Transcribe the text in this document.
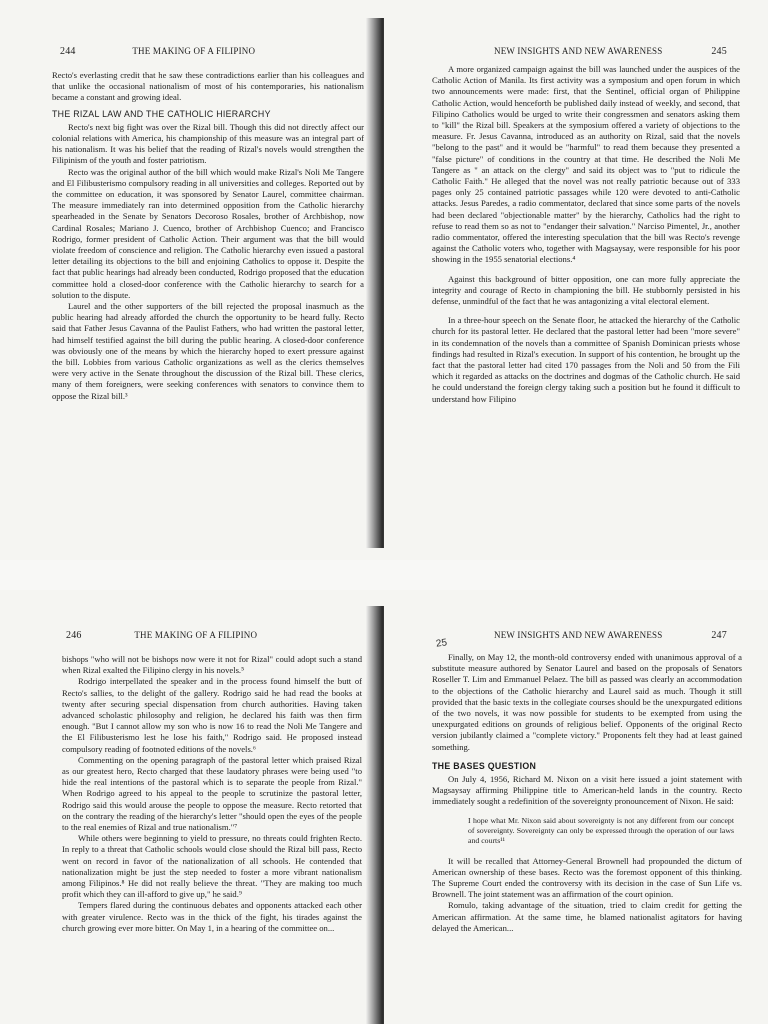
244	THE MAKING OF A FILIPINO

Recto's everlasting credit that he saw these contradictions earlier than his colleagues and that unlike the occasional nationalism of most of his contemporaries, his nationalism became a constant and growing ideal.

THE RIZAL LAW AND THE CATHOLIC HIERARCHY

Recto's next big fight was over the Rizal bill. Though this did not directly affect our colonial relations with America, his championship of this measure was an integral part of his nationalism. It was his belief that the reading of Rizal's novels would strengthen the Filipinism of the youth and foster patriotism.

Recto was the original author of the bill which would make Rizal's Noli Me Tangere and El Filibusterismo compulsory reading in all universities and colleges. Reported out by the committee on education, it was sponsored by Senator Laurel, committee chairman. The measure immediately ran into determined opposition from the Catholic hierarchy spearheaded in the Senate by Senators Decoroso Rosales, brother of Archbishop, now Cardinal Rosales; Mariano J. Cuenco, brother of Archbishop Cuenco; and Francisco Rodrigo, former president of Catholic Action. Their argument was that the bill would violate freedom of conscience and religion. The Catholic hierarchy even issued a pastoral letter detailing its objections to the bill and enjoining Catholics to oppose it. Despite the fact that public hearings had already been conducted, Rodrigo proposed that the education committee hold a closed-door conference with the Catholic hierarchy to search for a solution to the dispute.

Laurel and the other supporters of the bill rejected the proposal inasmuch as the public hearing had already afforded the church the opportunity to be heard fully. Recto said that Father Jesus Cavanna of the Paulist Fathers, who had written the pastoral letter, had himself testified against the bill during the public hearing. A closed-door conference was obviously one of the means by which the hierarchy hoped to exert pressure against the bill. Lobbies from various Catholic organizations as well as the clerics themselves were very active in the Senate throughout the discussion of the Rizal bill. These clerics, many of them foreigners, were seeking conferences with senators to convince them to oppose the Rizal bill.³

NEW INSIGHTS AND NEW AWARENESS	245

A more organized campaign against the bill was launched under the auspices of the Catholic Action of Manila. Its first activity was a symposium and open forum in which two announcements were made: first, that the Sentinel, official organ of Philippine Catholic Action, would henceforth be published daily instead of weekly, and second, that Filipino Catholics would be urged to write their congressmen and senators asking them to "kill" the Rizal bill. Speakers at the symposium offered a variety of objections to the measure. Fr. Jesus Cavanna, introduced as an authority on Rizal, said that the novels "belong to the past" and it would be "harmful" to read them because they presented a "false picture" of conditions in the country at that time. He described the Noli Me Tangere as " an attack on the clergy" and said its object was to "put to ridicule the Catholic Faith." He alleged that the novel was not really patriotic because out of 333 pages only 25 contained patriotic passages while 120 were devoted to anti-Catholic attacks. Jesus Paredes, a radio commentator, declared that since some parts of the novels had been declared "objectionable matter" by the hierarchy, Catholics had the right to refuse to read them so as not to "endanger their salvation." Narciso Pimentel, Jr., another radio commentator, offered the interesting speculation that the bill was Recto's revenge against the Catholic voters who, together with Magsaysay, were responsible for his poor showing in the 1955 senatorial elections.⁴

Against this background of bitter opposition, one can more fully appreciate the integrity and courage of Recto in championing the bill. He stubbornly persisted in his defense, unmindful of the fact that he was antagonizing a vital electoral element.

In a three-hour speech on the Senate floor, he attacked the hierarchy of the Catholic church for its pastoral letter. He declared that the pastoral letter had been "more severe" in its condemnation of the novels than a committee of Spanish Dominican priests whose findings had resulted in Rizal's execution. In support of his contention, he brought up the fact that the pastoral letter had cited 170 passages from the Noli and 50 from the Fili which it regarded as attacks on the doctrines and dogmas of the Catholic church. He said he could understand the foreign clergy taking such a position but he found it difficult to understand how Filipino

246	THE MAKING OF A FILIPINO

bishops "who will not be bishops now were it not for Rizal" could adopt such a stand when Rizal exalted the Filipino clergy in his novels.⁵

Rodrigo interpellated the speaker and in the process found himself the butt of Recto's sallies, to the delight of the gallery. Rodrigo said he had read the books at twenty after securing special dispensation from church authorities. Having taken advanced scholastic philosophy and religion, he declared his faith was then firm enough. "But I cannot allow my son who is now 16 to read the Noli Me Tangere and the El Filibusterismo lest he lose his faith," Rodrigo said. He proposed instead compulsory reading of footnoted editions of the novels.⁶

Commenting on the opening paragraph of the pastoral letter which praised Rizal as our greatest hero, Recto charged that these laudatory phrases were being used "to hide the real intentions of the pastoral which is to separate the people from Rizal." When Rodrigo agreed to his appeal to the people to scrutinize the pastoral letter, Rodrigo said this would arouse the people to oppose the measure. Recto retorted that on the contrary the reading of the hierarchy's letter "should open the eyes of the people to the real enemies of Rizal and true nationalism."⁷

While others were beginning to yield to pressure, no threats could frighten Recto. In reply to a threat that Catholic schools would close should the Rizal bill pass, Recto went on record in favor of the nationalization of all schools. He contended that nationalization might be just the step needed to foster a more vibrant nationalism among Filipinos.⁸ He did not really believe the threat. "They are making too much profit which they can ill-afford to give up," he said.⁹

Tempers flared during the continuous debates and opponents attacked each other with greater virulence. Recto was in the thick of the fight, his tirades against the church growing ever more bitter. On May 1, in a hearing of the committee on...

25
NEW INSIGHTS AND NEW AWARENESS	247

Finally, on May 12, the month-old controversy ended with unanimous approval of a substitute measure authored by Senator Laurel and based on the proposals of Senators Roseller T. Lim and Emmanuel Pelaez. The bill as passed was clearly an accommodation to the objections of the Catholic hierarchy and Laurel said as much. Though it still provided that the basic texts in the collegiate courses should be the unexpurgated editions of the two novels, it was now possible for students to be exempted from using the unexpurgated editions on grounds of religious belief. Opponents of the original Recto version jubilantly claimed a "complete victory." Proponents felt they had at least gained something.

THE BASES QUESTION

On July 4, 1956, Richard M. Nixon on a visit here issued a joint statement with Magsaysay affirming Philippine title to American-held lands in the country. Recto immediately sought a redefinition of the sovereignty pronouncement of Nixon. He said:

I hope what Mr. Nixon said about sovereignty is not any different from our concept of sovereignty. Sovereignty can only be expressed through the operation of our laws and courts¹¹

It will be recalled that Attorney-General Brownell had propounded the dictum of American ownership of these bases. Recto was the foremost opponent of this thinking. The Supreme Court ended the controversy with its decision in the case of Sun Life vs. Brownell. The joint statement was an affirmation of the court opinion.

Romulo, taking advantage of the situation, tried to claim credit for getting the American affirmation. At the same time, he blamed nationalist agitators for having delayed the American...
